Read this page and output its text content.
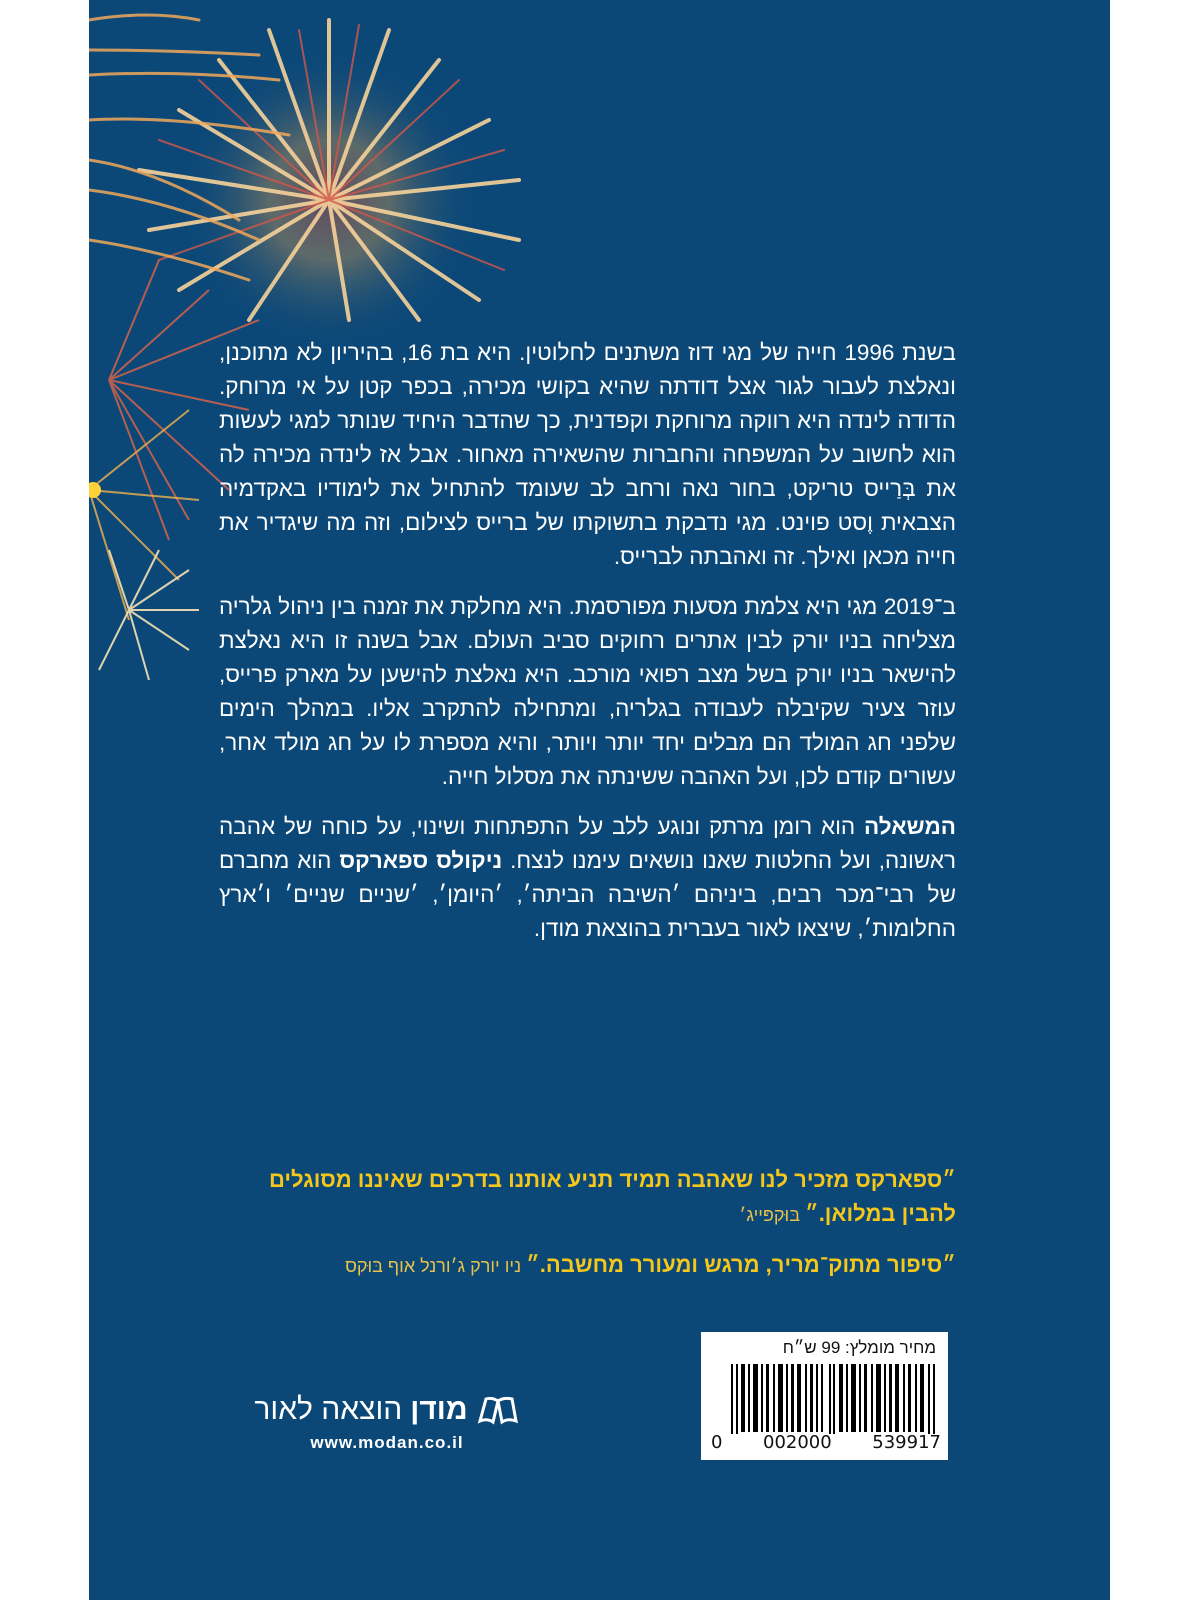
בשנת 1996 חייה של מגי דוז משתנים לחלוטין. היא בת 16, בהיריון לא מתוכנן, ונאלצת לעבור לגור אצל דודתה שהיא בקושי מכירה, בכפר קטן על אי מרוחק. הדודה לינדה היא רווקה מרוחקת וקפדנית, כך שהדבר היחיד שנותר למגי לעשות הוא לחשוב על המשפחה והחברות שהשאירה מאחור. אבל אז לינדה מכירה לה את בְּרַייס טריקט, בחור נאה ורחב לב שעומד להתחיל את לימודיו באקדמיה הצבאית וֶסט פוינט. מגי נדבקת בתשוקתו של ברייס לצילום, וזה מה שיגדיר את חייה מכאן ואילך. זה ואהבתה לברייס.

ב־2019 מגי היא צלמת מסעות מפורסמת. היא מחלקת את זמנה בין ניהול גלריה מצליחה בניו יורק לבין אתרים רחוקים סביב העולם. אבל בשנה זו היא נאלצת להישאר בניו יורק בשל מצב רפואי מורכב. היא נאלצת להישען על מארק פרייס, עוזר צעיר שקיבלה לעבודה בגלריה, ומתחילה להתקרב אליו. במהלך הימים שלפני חג המולד הם מבלים יחד יותר ויותר, והיא מספרת לו על חג מולד אחר, עשורים קודם לכן, ועל האהבה ששינתה את מסלול חייה.

המשאלה הוא רומן מרתק ונוגע ללב על התפתחות ושינוי, על כוחה של אהבה ראשונה, ועל החלטות שאנו נושאים עימנו לנצח. ניקולס ספארקס הוא מחברם של רבי־מכר רבים, ביניהם ׳השיבה הביתה׳, ׳היומן׳, ׳שניים שניים׳ ו׳ארץ החלומות׳, שיצאו לאור בעברית בהוצאת מודן.

״ספארקס מזכיר לנו שאהבה תמיד תניע אותנו בדרכים שאיננו מסוגלים להבין במלואן.״ בּוּקפּייג׳

״סיפור מתוק־מריר, מרגש ומעורר מחשבה.״ ניו יורק ג׳ורנל אוף בּוּקס

מודן
הוצאה לאור
www.modan.co.il
מחיר מומלץ: 99 ש״ח
0 002000 539917
